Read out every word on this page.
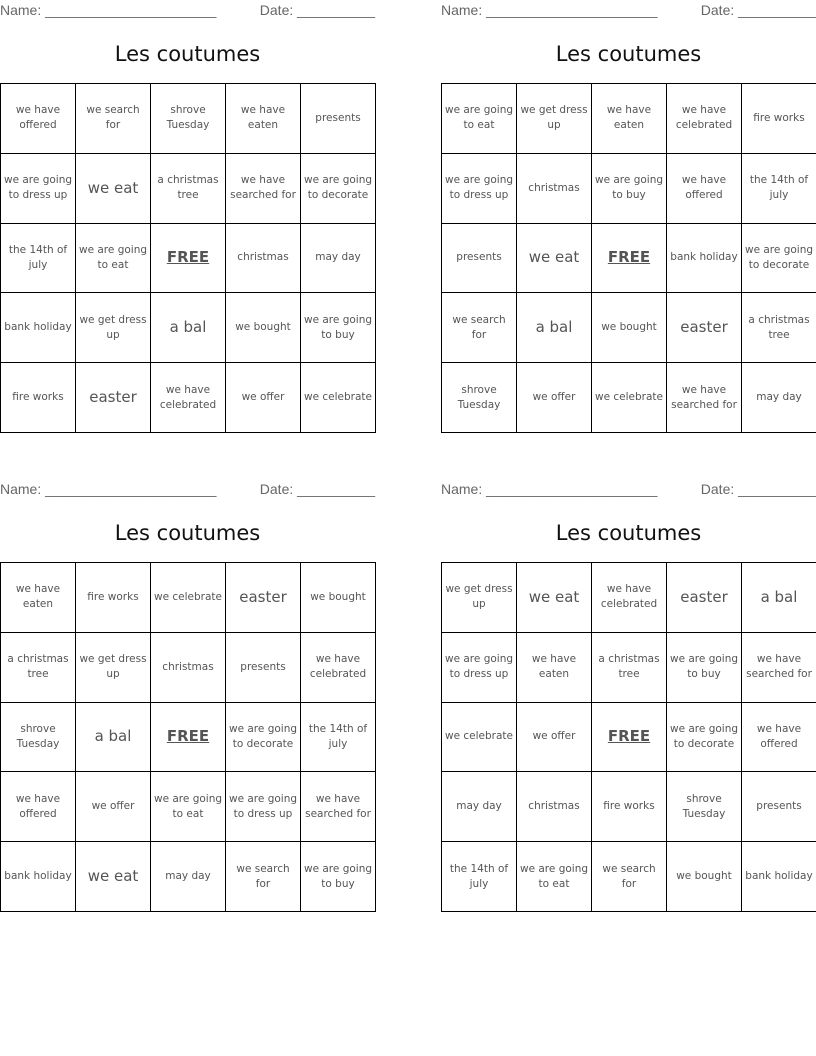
Name: ______________________	Date: __________
Les coutumes
we have offered	we search for	shrove Tuesday	we have eaten	presents
we are going to dress up	we eat	a christmas tree	we have searched for	we are going to decorate
the 14th of july	we are going to eat	FREE	christmas	may day
bank holiday	we get dress up	a bal	we bought	we are going to buy
fire works	easter	we have celebrated	we offer	we celebrate
Name: ______________________	Date: __________
Les coutumes
we are going to eat	we get dress up	we have eaten	we have celebrated	fire works
we are going to dress up	christmas	we are going to buy	we have offered	the 14th of july
presents	we eat	FREE	bank holiday	we are going to decorate
we search for	a bal	we bought	easter	a christmas tree
shrove Tuesday	we offer	we celebrate	we have searched for	may day
Name: ______________________	Date: __________
Les coutumes
we have eaten	fire works	we celebrate	easter	we bought
a christmas tree	we get dress up	christmas	presents	we have celebrated
shrove Tuesday	a bal	FREE	we are going to decorate	the 14th of july
we have offered	we offer	we are going to eat	we are going to dress up	we have searched for
bank holiday	we eat	may day	we search for	we are going to buy
Name: ______________________	Date: __________
Les coutumes
we get dress up	we eat	we have celebrated	easter	a bal
we are going to dress up	we have eaten	a christmas tree	we are going to buy	we have searched for
we celebrate	we offer	FREE	we are going to decorate	we have offered
may day	christmas	fire works	shrove Tuesday	presents
the 14th of july	we are going to eat	we search for	we bought	bank holiday
